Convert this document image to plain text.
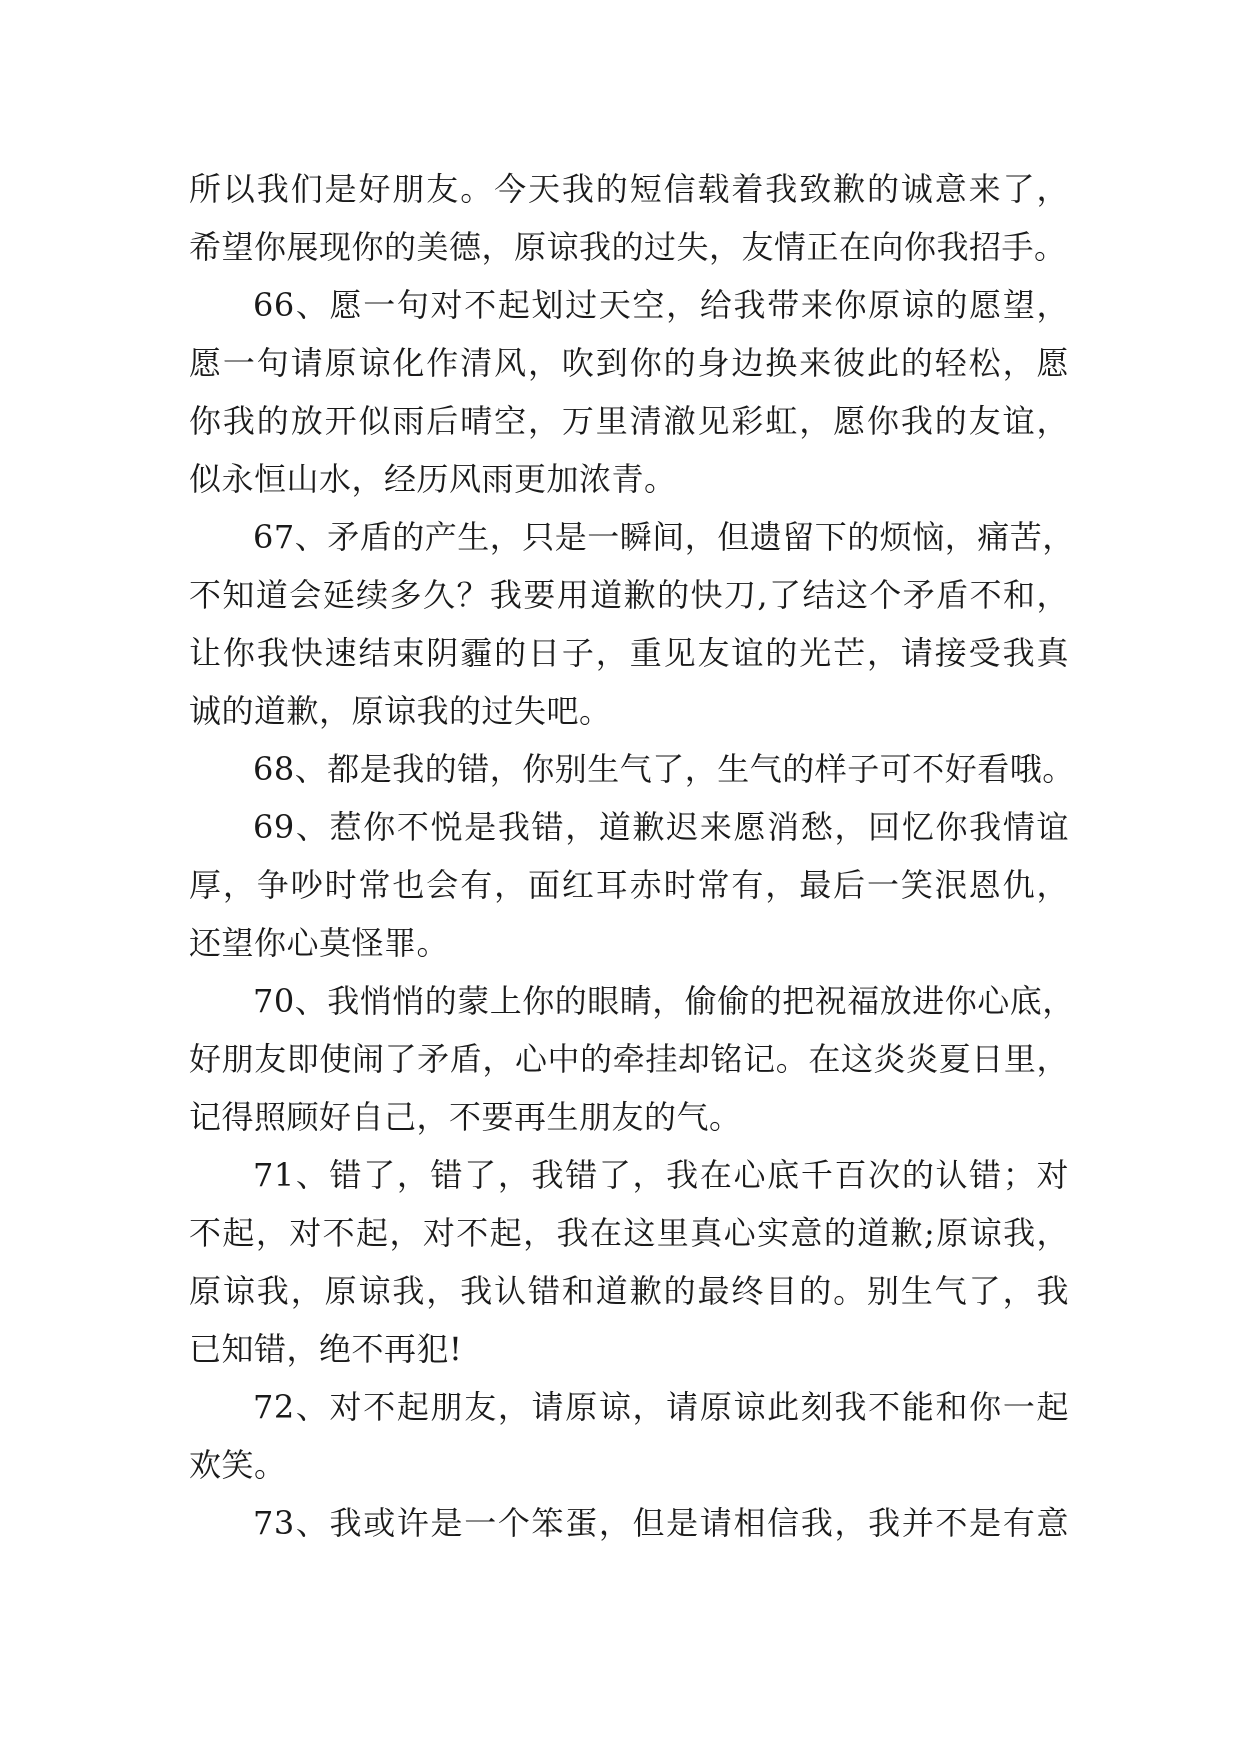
所以我们是好朋友。今天我的短信载着我致歉的诚意来了，
希望你展现你的美德，原谅我的过失，友情正在向你我招手。
66、愿一句对不起划过天空，给我带来你原谅的愿望，
愿一句请原谅化作清风，吹到你的身边换来彼此的轻松，愿
你我的放开似雨后晴空，万里清澈见彩虹，愿你我的友谊，
似永恒山水，经历风雨更加浓青。
67、矛盾的产生，只是一瞬间，但遗留下的烦恼，痛苦，
不知道会延续多久？我要用道歉的快刀,了结这个矛盾不和，
让你我快速结束阴霾的日子，重见友谊的光芒，请接受我真
诚的道歉，原谅我的过失吧。
68、都是我的错，你别生气了，生气的样子可不好看哦。
69、惹你不悦是我错，道歉迟来愿消愁，回忆你我情谊
厚，争吵时常也会有，面红耳赤时常有，最后一笑泯恩仇，
还望你心莫怪罪。
70、我悄悄的蒙上你的眼睛，偷偷的把祝福放进你心底，
好朋友即使闹了矛盾，心中的牵挂却铭记。在这炎炎夏日里，
记得照顾好自己，不要再生朋友的气。
71、错了，错了，我错了，我在心底千百次的认错；对
不起，对不起，对不起，我在这里真心实意的道歉;原谅我，
原谅我，原谅我，我认错和道歉的最终目的。别生气了，我
已知错，绝不再犯!
72、对不起朋友，请原谅，请原谅此刻我不能和你一起
欢笑。
73、我或许是一个笨蛋，但是请相信我，我并不是有意
